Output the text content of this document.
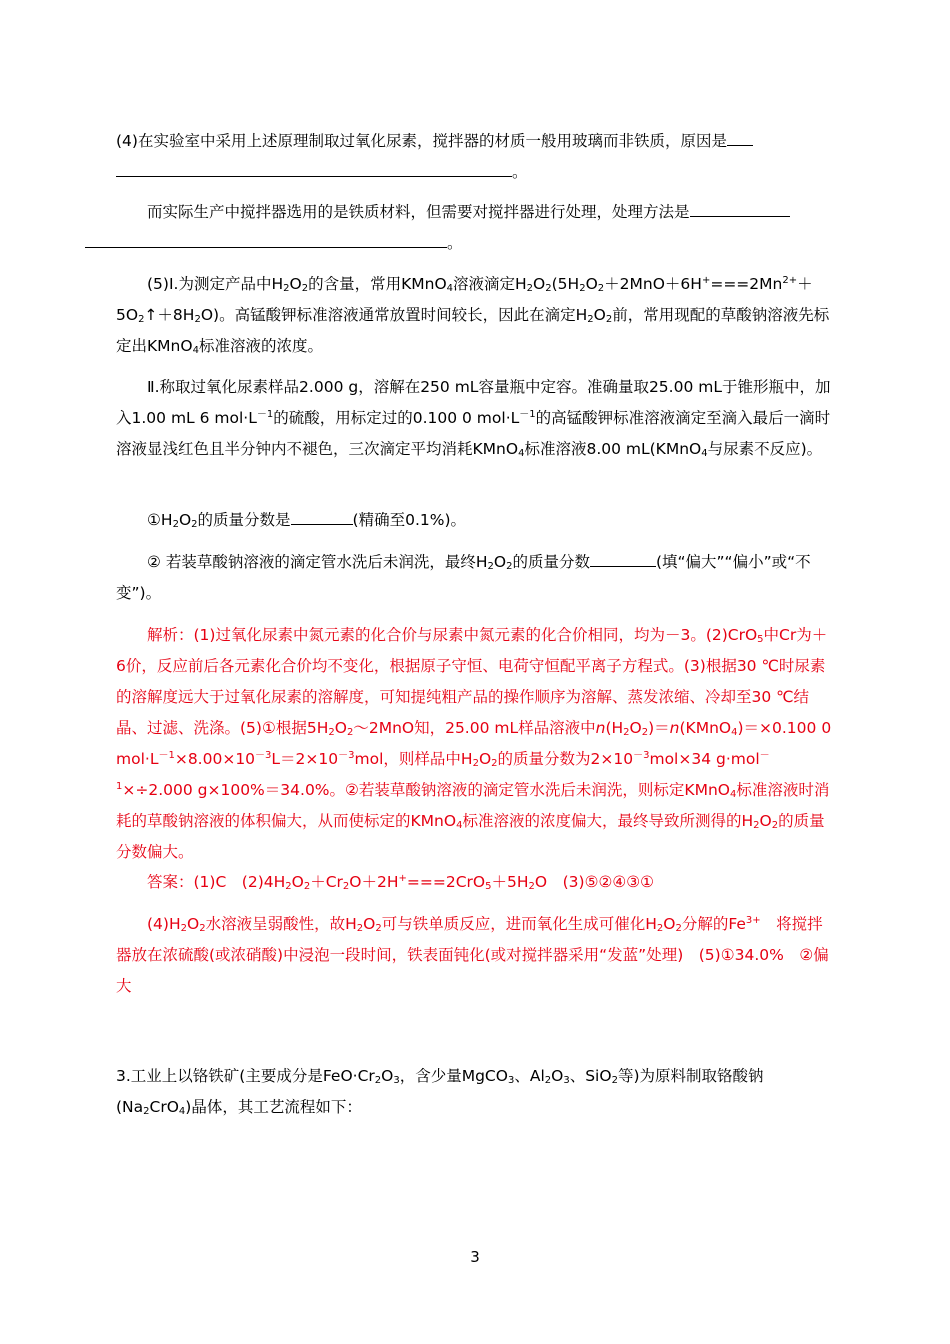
(4)在实验室中采用上述原理制取过氧化尿素，搅拌器的材质一般用玻璃而非铁质，原因是
。

而实际生产中搅拌器选用的是铁质材料，但需要对搅拌器进行处理，处理方法是
。

(5)Ⅰ.为测定产品中$H_2O_2$的含量，常用KMnO$_4$溶液滴定$H_2O_2(5H_2O_2+2MnO+6H^+===2Mn^{2+}+5O_2↑+8H_2O)$。高锰酸钾标准溶液通常放置时间较长，因此在滴定$H_2O_2$前，常用现配的草酸钠溶液先标定出KMnO$_4$标准溶液的浓度。

Ⅱ.称取过氧化尿素样品2.000 g，溶解在250 mL容量瓶中定容。准确量取25.00 mL于锥形瓶中，加入1.00 mL 6 $mol\cdot L^{-1}$的硫酸，用标定过的0.100 0 $mol\cdot L^{-1}$的高锰酸钾标准溶液滴定至滴入最后一滴时溶液显浅红色且半分钟内不褪色，三次滴定平均消耗KMnO$_4$标准溶液8.00 mL(KMnO$_4$与尿素不反应)。

$①H_2O_2$的质量分数是	(精确至0.1%)。

② 若装草酸钠溶液的滴定管水洗后未润洗，最终$H_2O_2$的质量分数	(填“偏大”“偏小”或“不变”)。

解析：(1)过氧化尿素中氮元素的化合价与尿素中氮元素的化合价相同，均为－3。(2)CrO$_5$中Cr为＋6价，反应前后各元素化合价均不变化，根据原子守恒、电荷守恒配平离子方程式。(3)根据30 ℃时尿素的溶解度远大于过氧化尿素的溶解度，可知提纯粗产品的操作顺序为溶解、蒸发浓缩、冷却至30 ℃结晶、过滤、洗涤。(5)①根据$5H_2O_2\sim 2MnO$知，25.00 mL样品溶液中$n(H_2O_2)=n(KMnO_4)=\times 0.100$ 0 $mol\cdot L^{-1}\times 8.00\times 10^{-3}L=2\times 10^{-3}mol$，则样品中$H_2O_2$的质量分数为$2\times 10^{-3}mol\times 34$ g·mol$^{-1}$×÷2.000 g×100%＝34.0%。②若装草酸钠溶液的滴定管水洗后未润洗，则标定KMnO$_4$标准溶液时消耗的草酸钠溶液的体积偏大，从而使标定的KMnO$_4$标准溶液的浓度偏大，最终导致所测得的$H_2O_2$的质量分数偏大。

答案：(1)C　$(2)4H_2O_2+Cr_2O+2H^+===2CrO_5+5H_2O$　(3)⑤②④③①

$(4)H_2O_2$水溶液呈弱酸性，故$H_2O_2$可与铁单质反应，进而氧化生成可催化$H_2O_2$分解的$Fe^{3+}$　将搅拌器放在浓硫酸(或浓硝酸)中浸泡一段时间，铁表面钝化(或对搅拌器采用“发蓝”处理)　(5)①34.0%　②偏大

3.工业上以铬铁矿(主要成分是$FeO\cdot Cr_2O_3$，含少量MgCO$_3$、$Al_2O_3$、SiO$_2$等)为原料制取铬酸钠$(Na_2CrO_4)$晶体，其工艺流程如下：

3
